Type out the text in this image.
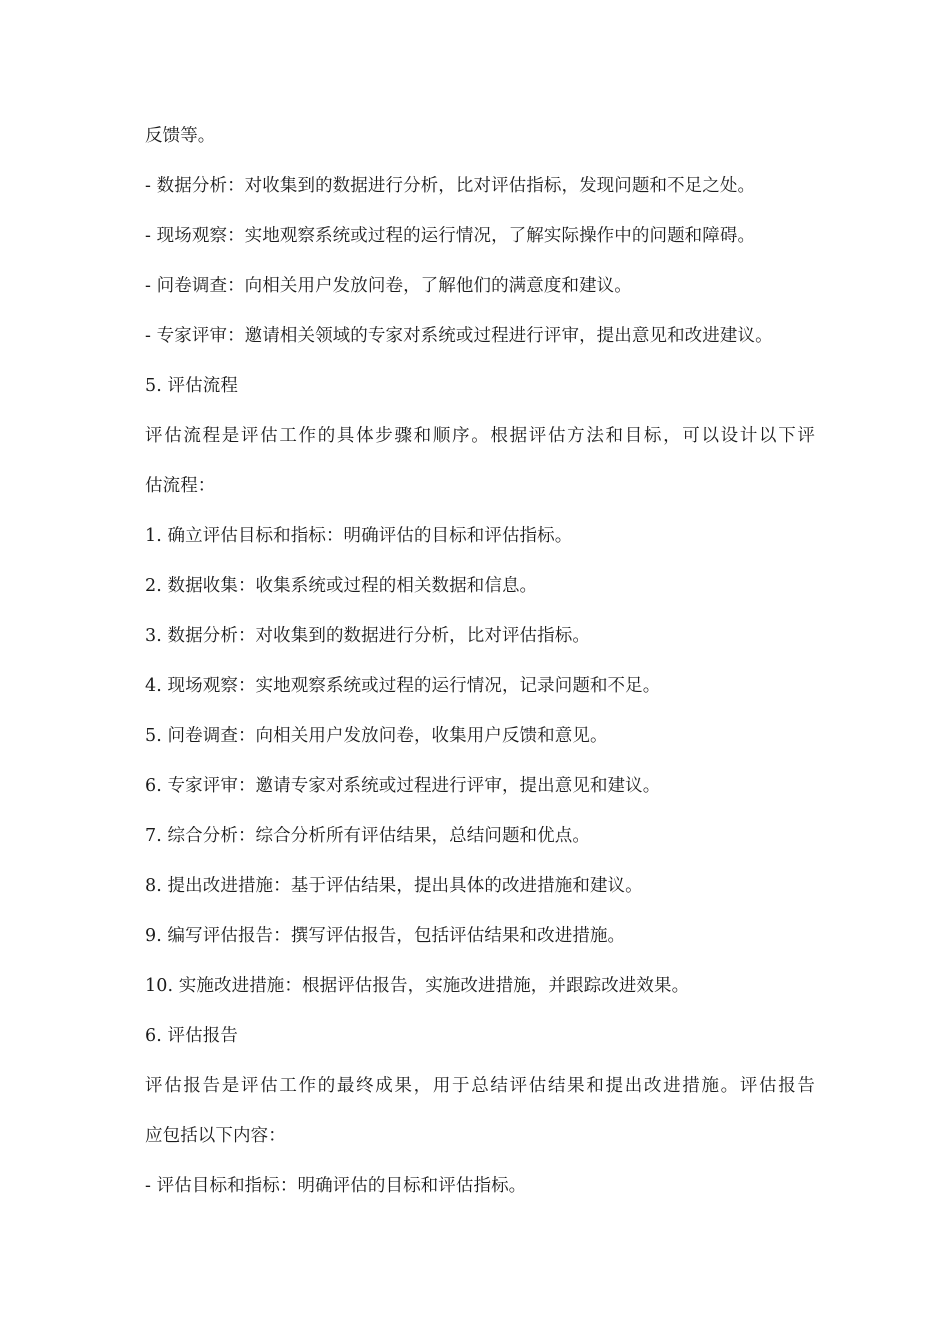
反馈等。
- 数据分析：对收集到的数据进行分析，比对评估指标，发现问题和不足之处。
- 现场观察：实地观察系统或过程的运行情况，了解实际操作中的问题和障碍。
- 问卷调查：向相关用户发放问卷，了解他们的满意度和建议。
- 专家评审：邀请相关领域的专家对系统或过程进行评审，提出意见和改进建议。
5. 评估流程
评估流程是评估工作的具体步骤和顺序。根据评估方法和目标，可以设计以下评
估流程：
1. 确立评估目标和指标：明确评估的目标和评估指标。
2. 数据收集：收集系统或过程的相关数据和信息。
3. 数据分析：对收集到的数据进行分析，比对评估指标。
4. 现场观察：实地观察系统或过程的运行情况，记录问题和不足。
5. 问卷调查：向相关用户发放问卷，收集用户反馈和意见。
6. 专家评审：邀请专家对系统或过程进行评审，提出意见和建议。
7. 综合分析：综合分析所有评估结果，总结问题和优点。
8. 提出改进措施：基于评估结果，提出具体的改进措施和建议。
9. 编写评估报告：撰写评估报告，包括评估结果和改进措施。
10. 实施改进措施：根据评估报告，实施改进措施，并跟踪改进效果。
6. 评估报告
评估报告是评估工作的最终成果，用于总结评估结果和提出改进措施。评估报告
应包括以下内容：
- 评估目标和指标：明确评估的目标和评估指标。
